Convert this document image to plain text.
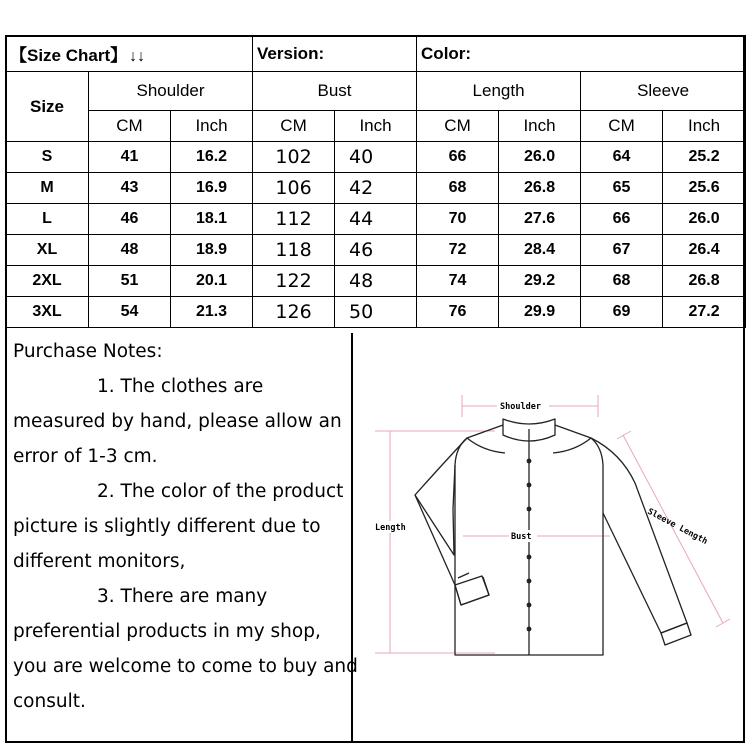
【Size Chart】 ↓↓			Version:		Color:			
Size	Shoulder		Bust		Length		Sleeve	
	CM	Inch	CM	Inch	CM	Inch	CM	Inch
S	41	16.2	102	40	66	26.0	64	25.2
M	43	16.9	106	42	68	26.8	65	25.6
L	46	18.1	112	44	70	27.6	66	26.0
XL	48	18.9	118	46	72	28.4	67	26.4
2XL	51	20.1	122	48	74	29.2	68	26.8
3XL	54	21.3	126	50	76	29.9	69	27.2
Purchase Notes:
1. The clothes are
measured by hand, please allow an
error of 1-3 cm.
2. The color of the product
picture is slightly different due to
different monitors,
3. There are many
preferential products in my shop,
you are welcome to come to buy and
consult.
Shoulder
Length
Bust	Sleeve Length
